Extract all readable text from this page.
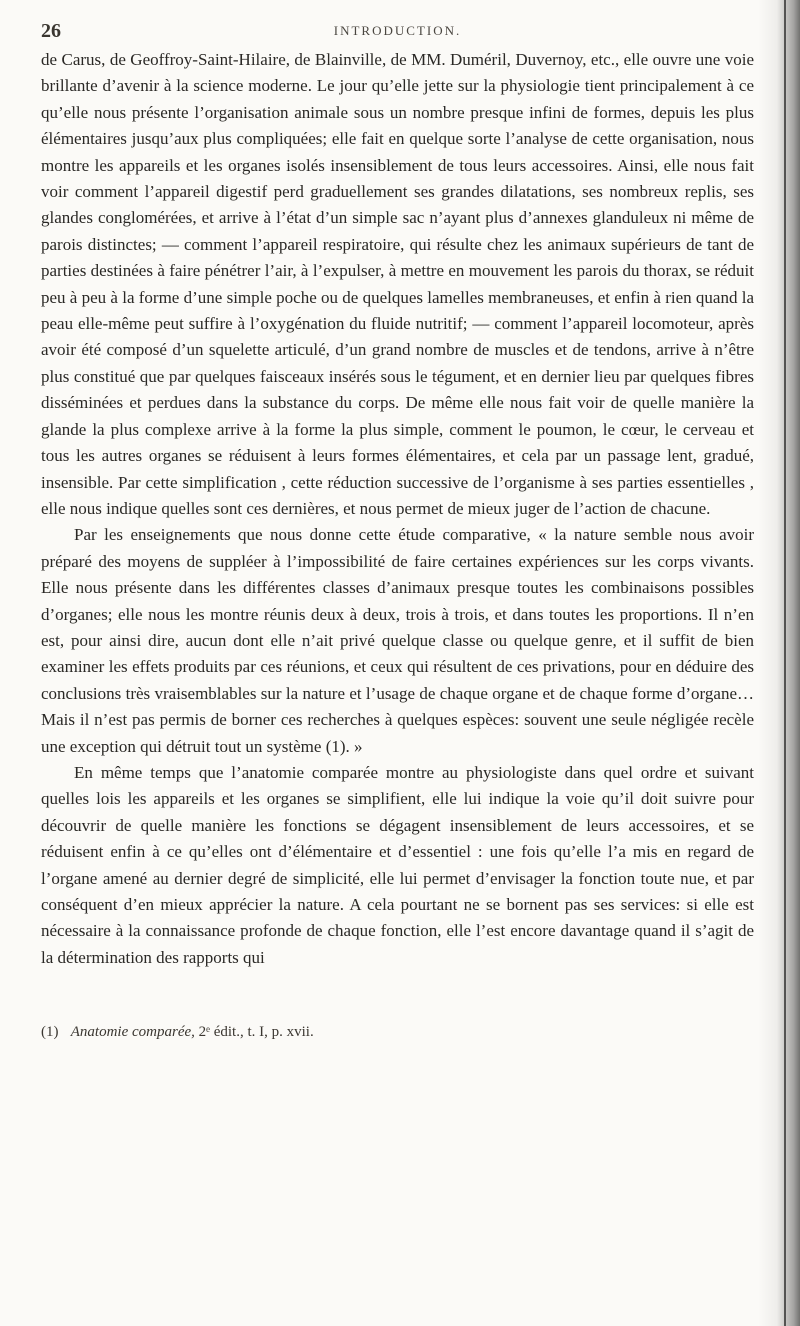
26	INTRODUCTION.

de Carus, de Geoffroy-Saint-Hilaire, de Blainville, de MM. Duméril, Duvernoy, etc., elle ouvre une voie brillante d’avenir à la science moderne. Le jour qu’elle jette sur la physiologie tient principalement à ce qu’elle nous présente l’organisation animale sous un nombre presque infini de formes, depuis les plus élémentaires jusqu’aux plus compliquées; elle fait en quelque sorte l’analyse de cette organisation, nous montre les appareils et les organes isolés insensiblement de tous leurs accessoires. Ainsi, elle nous fait voir comment l’appareil digestif perd graduellement ses grandes dilatations, ses nombreux replis, ses glandes conglomérées, et arrive à l’état d’un simple sac n’ayant plus d’annexes glanduleux ni même de parois distinctes; — comment l’appareil respiratoire, qui résulte chez les animaux supérieurs de tant de parties destinées à faire pénétrer l’air, à l’expulser, à mettre en mouvement les parois du thorax, se réduit peu à peu à la forme d’une simple poche ou de quelques lamelles membraneuses, et enfin à rien quand la peau elle-même peut suffire à l’oxygénation du fluide nutritif; — comment l’appareil locomoteur, après avoir été composé d’un squelette articulé, d’un grand nombre de muscles et de tendons, arrive à n’être plus constitué que par quelques faisceaux insérés sous le tégument, et en dernier lieu par quelques fibres disséminées et perdues dans la substance du corps. De même elle nous fait voir de quelle manière la glande la plus complexe arrive à la forme la plus simple, comment le poumon, le cœur, le cerveau et tous les autres organes se réduisent à leurs formes élémentaires, et cela par un passage lent, gradué, insensible. Par cette simplification , cette réduction successive de l’organisme à ses parties essentielles , elle nous indique quelles sont ces dernières, et nous permet de mieux juger de l’action de chacune.

Par les enseignements que nous donne cette étude comparative, « la nature semble nous avoir préparé des moyens de suppléer à l’impossibilité de faire certaines expériences sur les corps vivants. Elle nous présente dans les différentes classes d’animaux presque toutes les combinaisons possibles d’organes; elle nous les montre réunis deux à deux, trois à trois, et dans toutes les proportions. Il n’en est, pour ainsi dire, aucun dont elle n’ait privé quelque classe ou quelque genre, et il suffit de bien examiner les effets produits par ces réunions, et ceux qui résultent de ces privations, pour en déduire des conclusions très vraisemblables sur la nature et l’usage de chaque organe et de chaque forme d’organe… Mais il n’est pas permis de borner ces recherches à quelques espèces: souvent une seule négligée recèle une exception qui détruit tout un système (1). »

En même temps que l’anatomie comparée montre au physiologiste dans quel ordre et suivant quelles lois les appareils et les organes se simplifient, elle lui indique la voie qu’il doit suivre pour découvrir de quelle manière les fonctions se dégagent insensiblement de leurs accessoires, et se réduisent enfin à ce qu’elles ont d’élémentaire et d’essentiel : une fois qu’elle l’a mis en regard de l’organe amené au dernier degré de simplicité, elle lui permet d’envisager la fonction toute nue, et par conséquent d’en mieux apprécier la nature. A cela pourtant ne se bornent pas ses services: si elle est nécessaire à la connaissance profonde de chaque fonction, elle l’est encore davantage quand il s’agit de la détermination des rapports qui

(1) Anatomie comparée, 2ᵉ édit., t. I, p. xvii.
